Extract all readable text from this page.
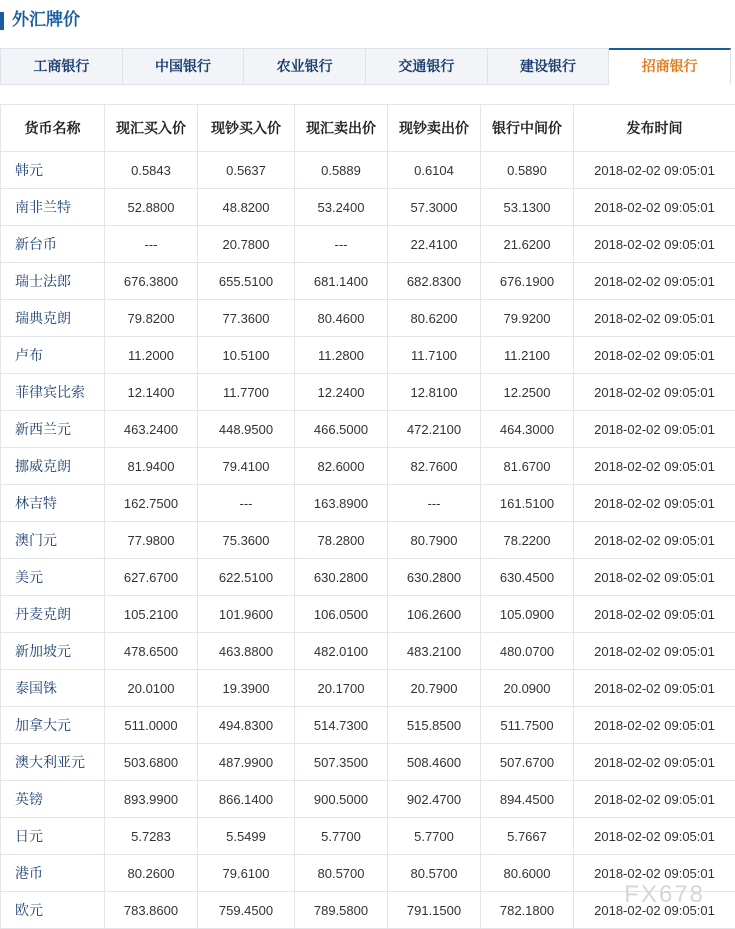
外汇牌价
工商银行	中国银行	农业银行	交通银行	建设银行	招商银行
货币名称	现汇买入价	现钞买入价	现汇卖出价	现钞卖出价	银行中间价	发布时间
韩元	0.5843	0.5637	0.5889	0.6104	0.5890	2018-02-02 09:05:01
南非兰特	52.8800	48.8200	53.2400	57.3000	53.1300	2018-02-02 09:05:01
新台币	---	20.7800	---	22.4100	21.6200	2018-02-02 09:05:01
瑞士法郎	676.3800	655.5100	681.1400	682.8300	676.1900	2018-02-02 09:05:01
瑞典克朗	79.8200	77.3600	80.4600	80.6200	79.9200	2018-02-02 09:05:01
卢布	11.2000	10.5100	11.2800	11.7100	11.2100	2018-02-02 09:05:01
菲律宾比索	12.1400	11.7700	12.2400	12.8100	12.2500	2018-02-02 09:05:01
新西兰元	463.2400	448.9500	466.5000	472.2100	464.3000	2018-02-02 09:05:01
挪威克朗	81.9400	79.4100	82.6000	82.7600	81.6700	2018-02-02 09:05:01
林吉特	162.7500	---	163.8900	---	161.5100	2018-02-02 09:05:01
澳门元	77.9800	75.3600	78.2800	80.7900	78.2200	2018-02-02 09:05:01
美元	627.6700	622.5100	630.2800	630.2800	630.4500	2018-02-02 09:05:01
丹麦克朗	105.2100	101.9600	106.0500	106.2600	105.0900	2018-02-02 09:05:01
新加坡元	478.6500	463.8800	482.0100	483.2100	480.0700	2018-02-02 09:05:01
泰国铢	20.0100	19.3900	20.1700	20.7900	20.0900	2018-02-02 09:05:01
加拿大元	511.0000	494.8300	514.7300	515.8500	511.7500	2018-02-02 09:05:01
澳大利亚元	503.6800	487.9900	507.3500	508.4600	507.6700	2018-02-02 09:05:01
英镑	893.9900	866.1400	900.5000	902.4700	894.4500	2018-02-02 09:05:01
日元	5.7283	5.5499	5.7700	5.7700	5.7667	2018-02-02 09:05:01
港币	80.2600	79.6100	80.5700	80.5700	80.6000	2018-02-02 09:05:01
欧元	783.8600	759.4500	789.5800	791.1500	782.1800	2018-02-02 09:05:01
FX678
